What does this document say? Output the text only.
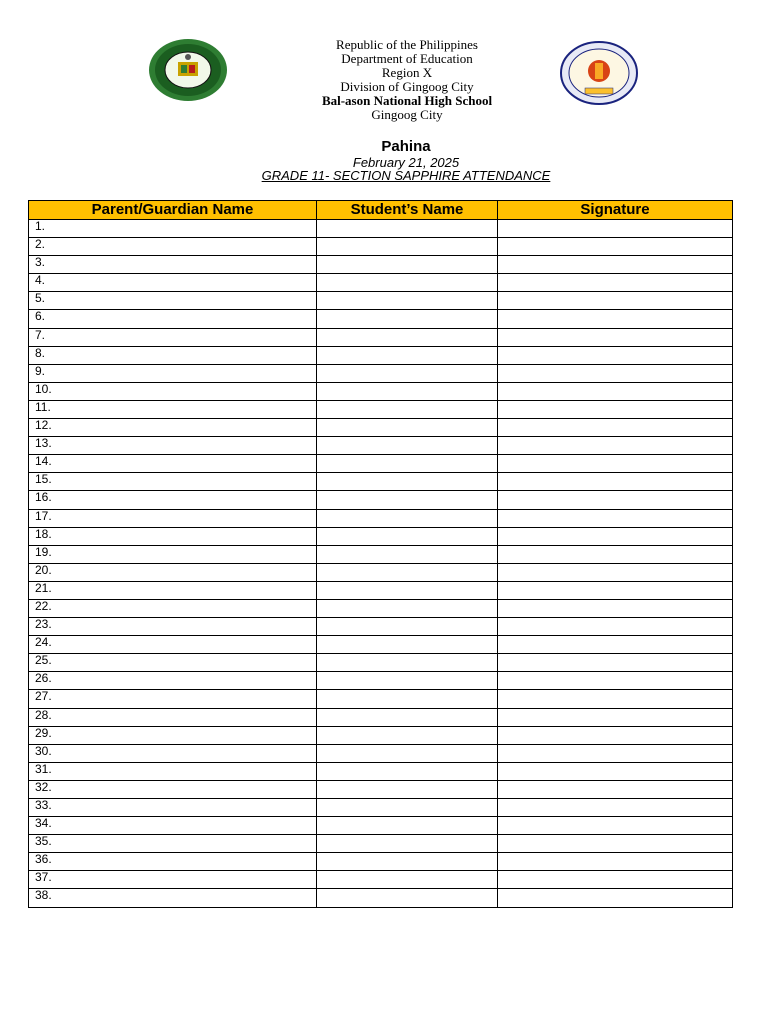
Republic of the Philippines
Department of Education
Region X
Division of Gingoog City
Bal-ason National High School
Gingoog City
Pahina
February 21, 2025
GRADE 11- SECTION SAPPHIRE ATTENDANCE
Parent/Guardian Name	Student’s Name	Signature
1.		
2.		
3.		
4.		
5.		
6.		
7.		
8.		
9.		
10.		
11.		
12.		
13.		
14.		
15.		
16.		
17.		
18.		
19.		
20.		
21.		
22.		
23.		
24.		
25.		
26.		
27.		
28.		
29.		
30.		
31.		
32.		
33.		
34.		
35.		
36.		
37.		
38.		
